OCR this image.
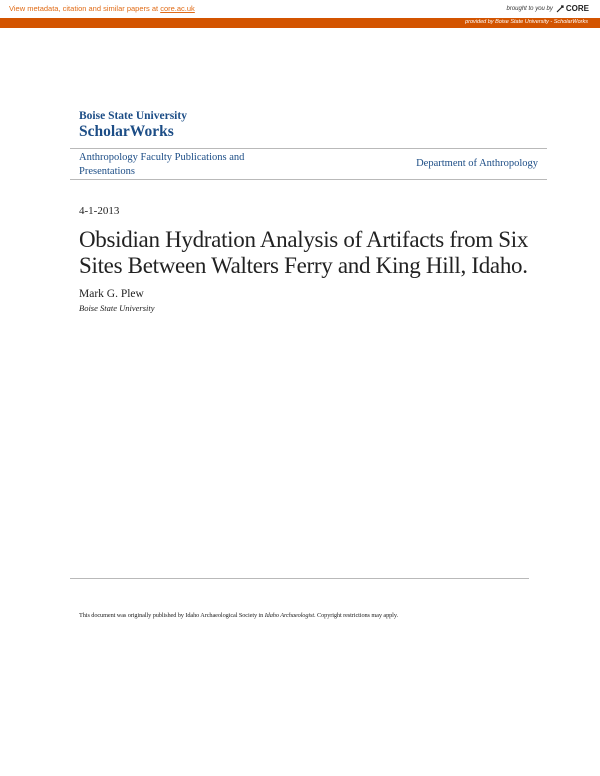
View metadata, citation and similar papers at core.ac.uk	brought to you by CORE
provided by Boise State University - ScholarWorks
Boise State University
ScholarWorks
Anthropology Faculty Publications and Presentations
Department of Anthropology
4-1-2013
Obsidian Hydration Analysis of Artifacts from Six Sites Between Walters Ferry and King Hill, Idaho.
Mark G. Plew
Boise State University
This document was originally published by Idaho Archaeological Society in Idaho Archaeologist. Copyright restrictions may apply.
